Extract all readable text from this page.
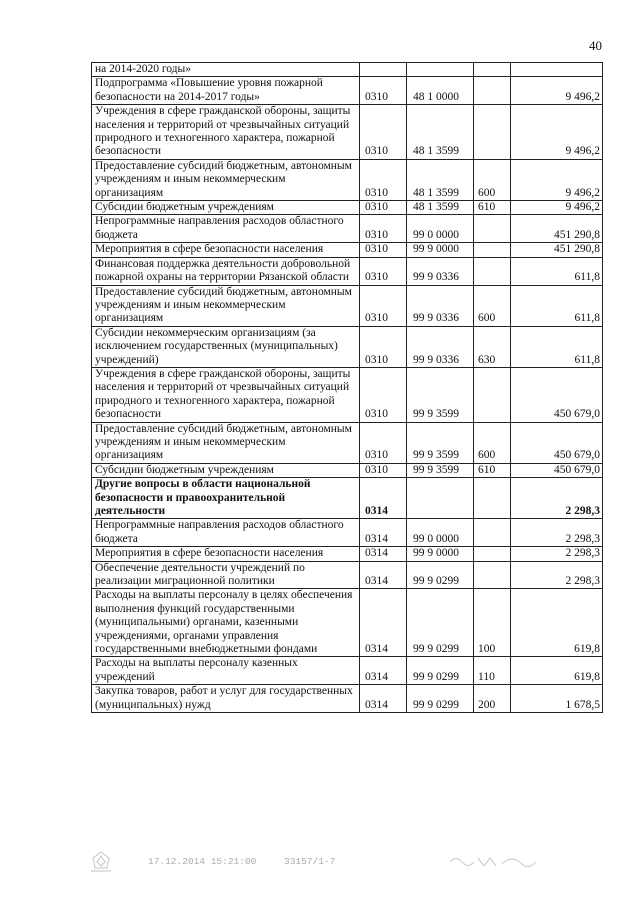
40
на 2014-2020 годы»				
Подпрограмма «Повышение уровня пожарной безопасности на 2014-2017 годы»	0310	48 1 0000		9 496,2
Учреждения в сфере гражданской обороны, защиты населения и территорий от чрезвычайных ситуаций природного и техногенного характера, пожарной безопасности	0310	48 1 3599		9 496,2
Предоставление субсидий бюджетным, автономным учреждениям и иным некоммерческим организациям	0310	48 1 3599	600	9 496,2
Субсидии бюджетным учреждениям	0310	48 1 3599	610	9 496,2
Непрограммные направления расходов областного бюджета	0310	99 0 0000		451 290,8
Мероприятия в сфере безопасности населения	0310	99 9 0000		451 290,8
Финансовая поддержка деятельности добровольной пожарной охраны на территории Рязанской области	0310	99 9 0336		611,8
Предоставление субсидий бюджетным, автономным учреждениям и иным некоммерческим организациям	0310	99 9 0336	600	611,8
Субсидии некоммерческим организациям (за исключением государственных (муниципальных) учреждений)	0310	99 9 0336	630	611,8
Учреждения в сфере гражданской обороны, защиты населения и территорий от чрезвычайных ситуаций природного и техногенного характера, пожарной безопасности	0310	99 9 3599		450 679,0
Предоставление субсидий бюджетным, автономным учреждениям и иным некоммерческим организациям	0310	99 9 3599	600	450 679,0
Субсидии бюджетным учреждениям	0310	99 9 3599	610	450 679,0
Другие вопросы в области национальной безопасности и правоохранительной деятельности	0314			2 298,3
Непрограммные направления расходов областного бюджета	0314	99 0 0000		2 298,3
Мероприятия в сфере безопасности населения	0314	99 9 0000		2 298,3
Обеспечение деятельности учреждений по реализации миграционной политики	0314	99 9 0299		2 298,3
Расходы на выплаты персоналу в целях обеспечения выполнения функций государственными (муниципальными) органами, казенными учреждениями, органами управления государственными внебюджетными фондами	0314	99 9 0299	100	619,8
Расходы на выплаты персоналу казенных учреждений	0314	99 9 0299	110	619,8
Закупка товаров, работ и услуг для государственных (муниципальных) нужд	0314	99 9 0299	200	1 678,5
17.12.2014 15:21:00	33157/1-7
